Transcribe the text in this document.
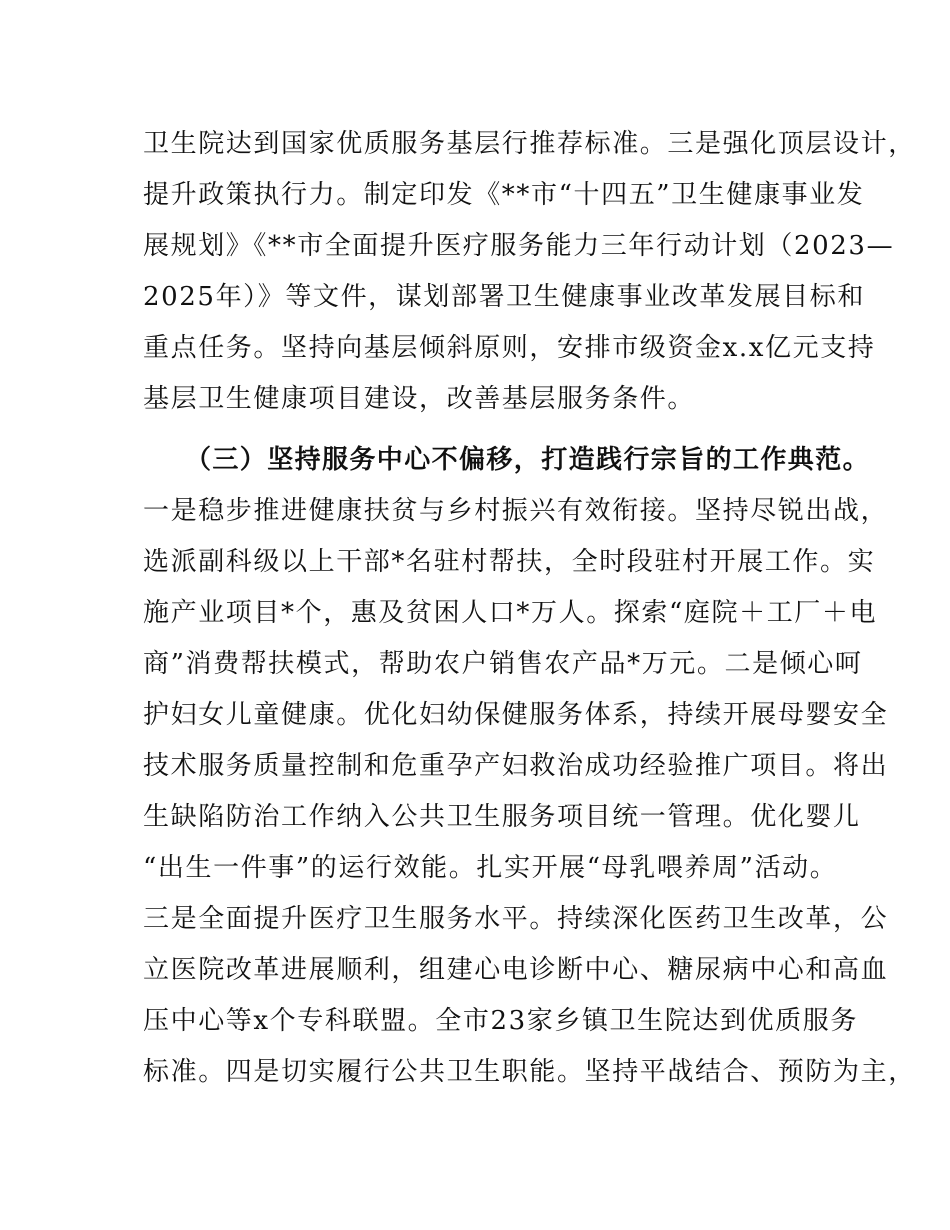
卫生院达到国家优质服务基层行推荐标准。三是强化顶层设计，
提升政策执行力。制定印发《**市“十四五”卫生健康事业发
展规划》《**市全面提升医疗服务能力三年行动计划（2023—
2025年）》等文件，谋划部署卫生健康事业改革发展目标和
重点任务。坚持向基层倾斜原则，安排市级资金x.x亿元支持
基层卫生健康项目建设，改善基层服务条件。
（三）坚持服务中心不偏移，打造践行宗旨的工作典范。
一是稳步推进健康扶贫与乡村振兴有效衔接。坚持尽锐出战，
选派副科级以上干部*名驻村帮扶，全时段驻村开展工作。实
施产业项目*个，惠及贫困人口*万人。探索“庭院＋工厂＋电
商”消费帮扶模式，帮助农户销售农产品*万元。二是倾心呵
护妇女儿童健康。优化妇幼保健服务体系，持续开展母婴安全
技术服务质量控制和危重孕产妇救治成功经验推广项目。将出
生缺陷防治工作纳入公共卫生服务项目统一管理。优化婴儿
“出生一件事”的运行效能。扎实开展“母乳喂养周”活动。
三是全面提升医疗卫生服务水平。持续深化医药卫生改革，公
立医院改革进展顺利，组建心电诊断中心、糖尿病中心和高血
压中心等x个专科联盟。全市23家乡镇卫生院达到优质服务
标准。四是切实履行公共卫生职能。坚持平战结合、预防为主，
